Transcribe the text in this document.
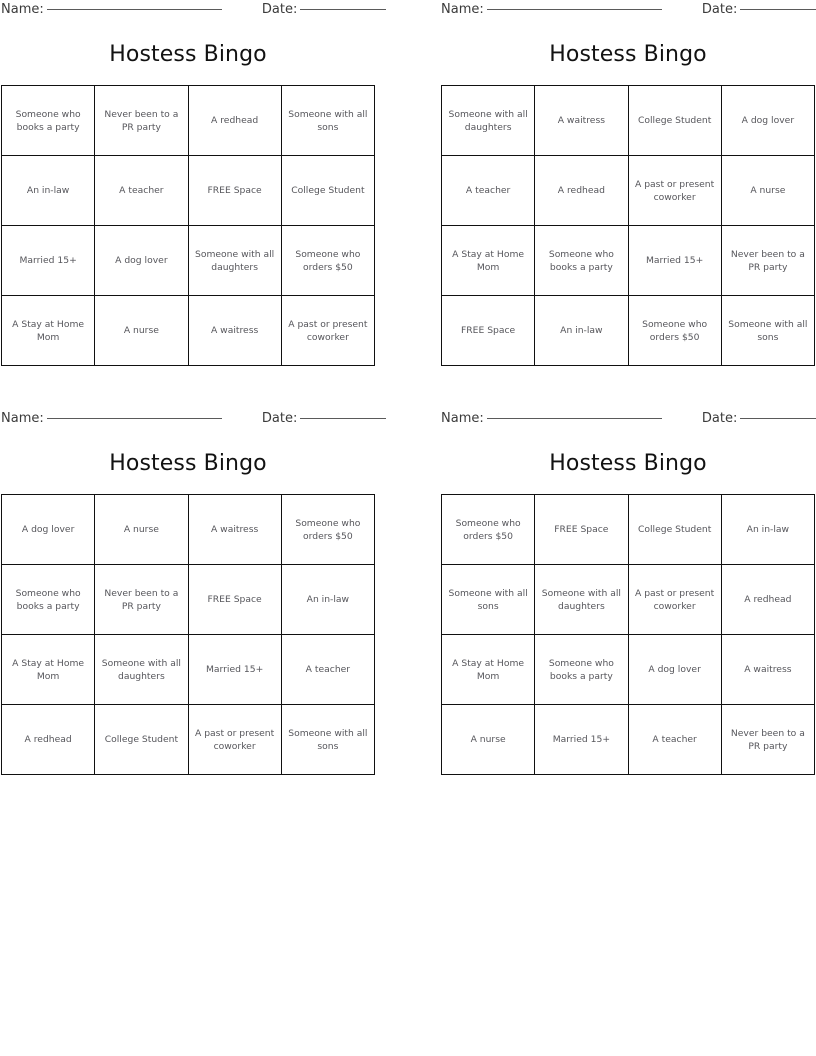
Name:	Date:
Hostess Bingo
Someone who books a party	Never been to a PR party	A redhead	Someone with all sons
An in-law	A teacher	FREE Space	College Student
Married 15+	A dog lover	Someone with all daughters	Someone who orders $50
A Stay at Home Mom	A nurse	A waitress	A past or present coworker
Name:	Date:
Hostess Bingo
Someone with all daughters	A waitress	College Student	A dog lover
A teacher	A redhead	A past or present coworker	A nurse
A Stay at Home Mom	Someone who books a party	Married 15+	Never been to a PR party
FREE Space	An in-law	Someone who orders $50	Someone with all sons
Name:	Date:
Hostess Bingo
A dog lover	A nurse	A waitress	Someone who orders $50
Someone who books a party	Never been to a PR party	FREE Space	An in-law
A Stay at Home Mom	Someone with all daughters	Married 15+	A teacher
A redhead	College Student	A past or present coworker	Someone with all sons
Name:	Date:
Hostess Bingo
Someone who orders $50	FREE Space	College Student	An in-law
Someone with all sons	Someone with all daughters	A past or present coworker	A redhead
A Stay at Home Mom	Someone who books a party	A dog lover	A waitress
A nurse	Married 15+	A teacher	Never been to a PR party
